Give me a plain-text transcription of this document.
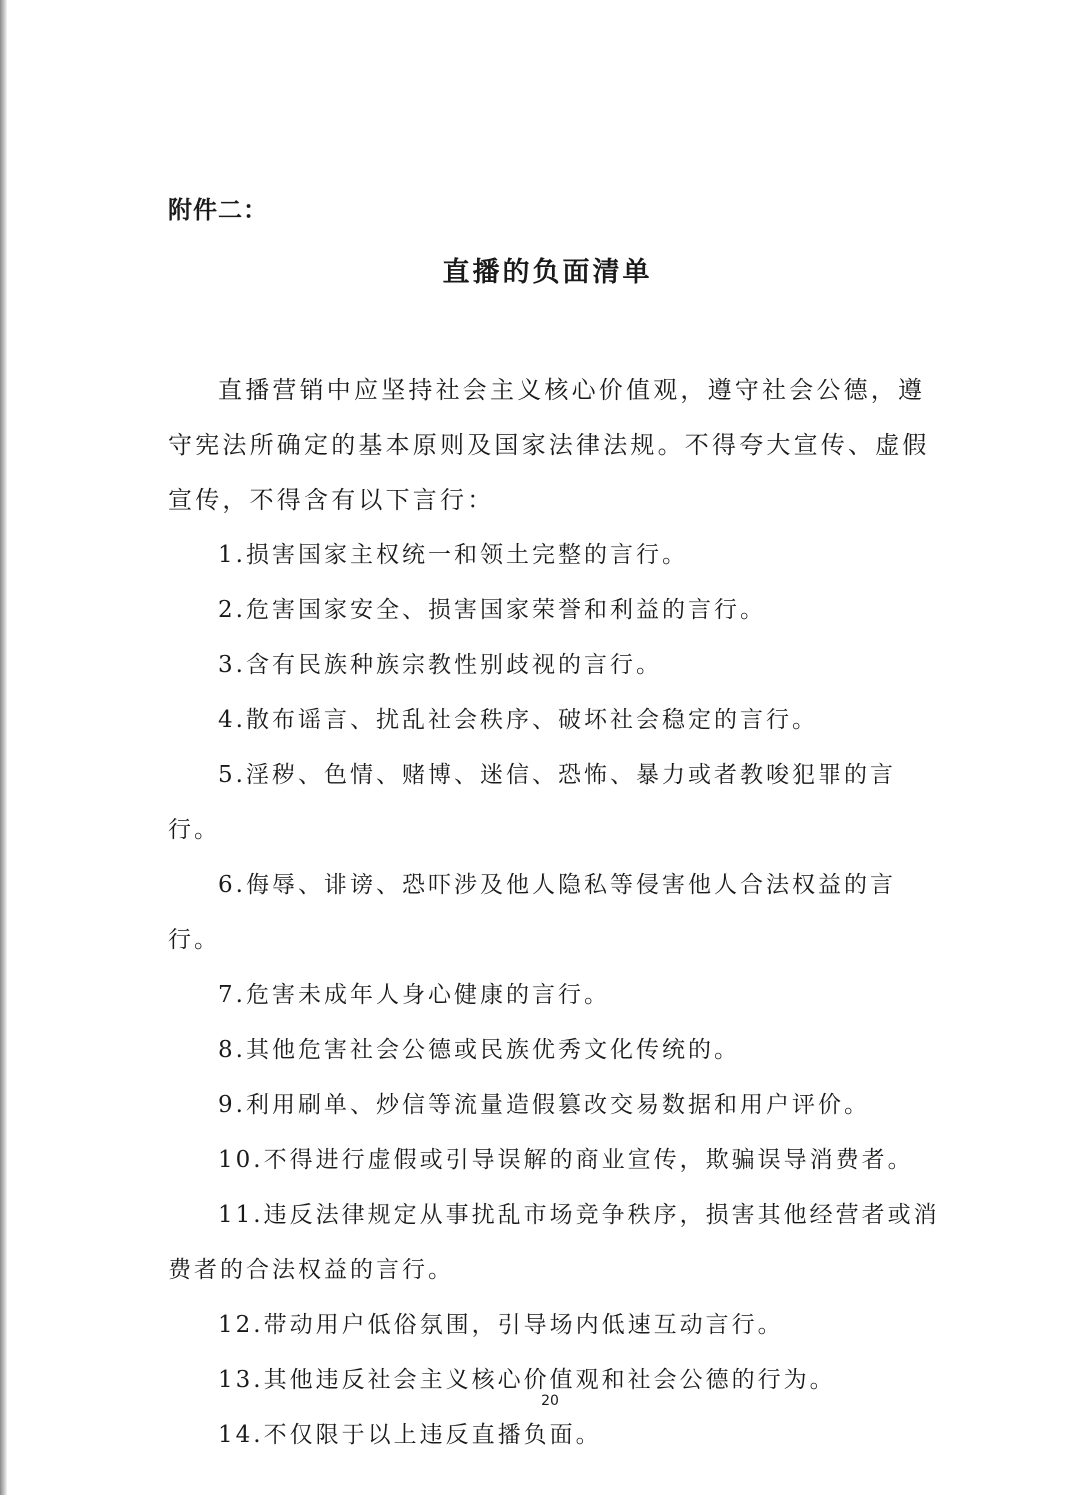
附件二：
直播的负面清单

直播营销中应坚持社会主义核心价值观，遵守社会公德，遵守宪法所确定的基本原则及国家法律法规。不得夸大宣传、虚假宣传，不得含有以下言行：

1.损害国家主权统一和领土完整的言行。
2.危害国家安全、损害国家荣誉和利益的言行。
3.含有民族种族宗教性别歧视的言行。
4.散布谣言、扰乱社会秩序、破坏社会稳定的言行。
5.淫秽、色情、赌博、迷信、恐怖、暴力或者教唆犯罪的言行。
6.侮辱、诽谤、恐吓涉及他人隐私等侵害他人合法权益的言行。
7.危害未成年人身心健康的言行。
8.其他危害社会公德或民族优秀文化传统的。
9.利用刷单、炒信等流量造假篡改交易数据和用户评价。
10.不得进行虚假或引导误解的商业宣传，欺骗误导消费者。
11.违反法律规定从事扰乱市场竞争秩序，损害其他经营者或消费者的合法权益的言行。
12.带动用户低俗氛围，引导场内低速互动言行。
13.其他违反社会主义核心价值观和社会公德的行为。
14.不仅限于以上违反直播负面。
20
